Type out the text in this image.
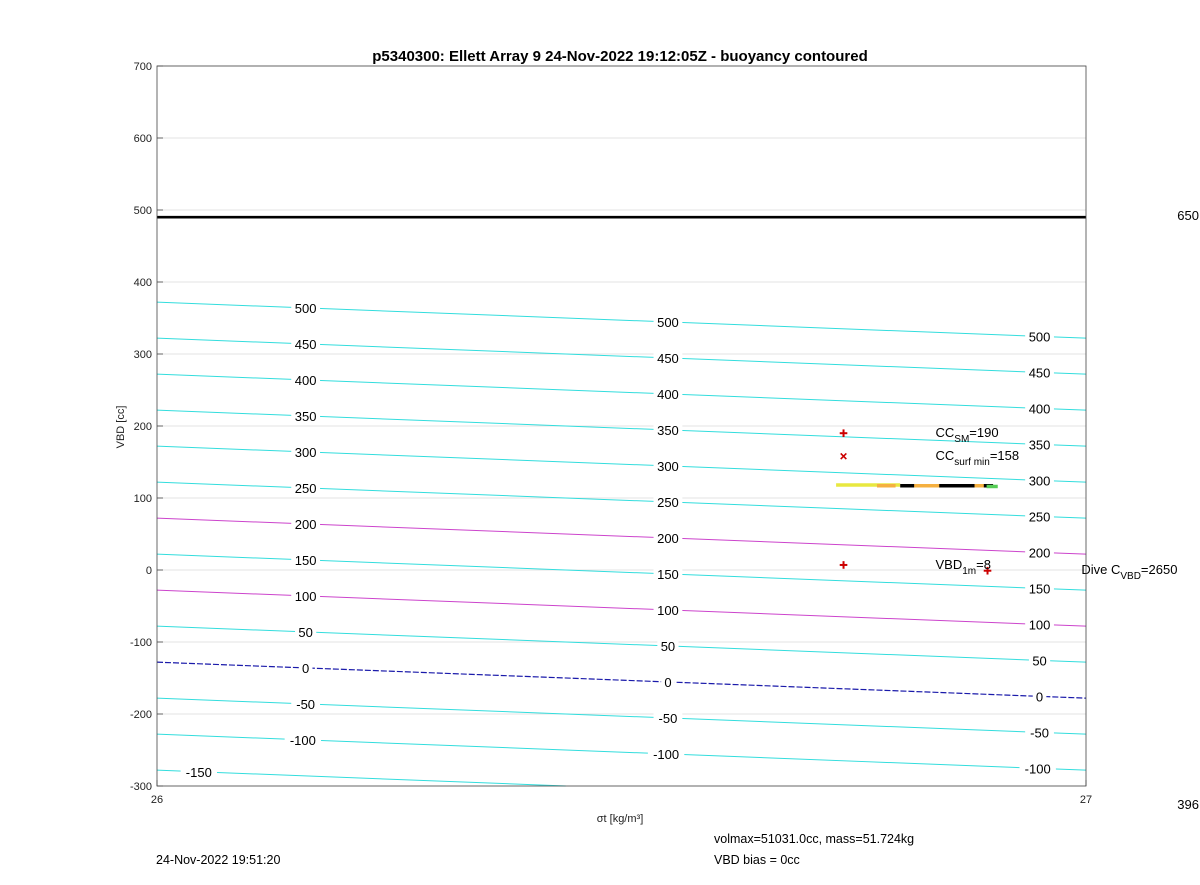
-150
-100
-100
-100
-50
-50
-50
0
0
0
50
50
50
100
100
100
150
150
150
200
200
200
250
250
250
300
300
300
350
350
350
400
400
400
450
450
450
500
500
500
$CC_{SM}=190$
$CC_{surf min}=158$
$VBD_{1m}=8$	Dive $C_{VBD}=2650$
700
600
500
400
300
200
100
0
-100
-200
-300
26	27
650
396
p5340300: Ellett Array 9 24-Nov-2022 19:12:05Z - buoyancy contoured
VBD [cc]
σt [kg/m³]
24-Nov-2022 19:51:20
volmax=51031.0cc, mass=51.724kg
VBD bias = 0cc
